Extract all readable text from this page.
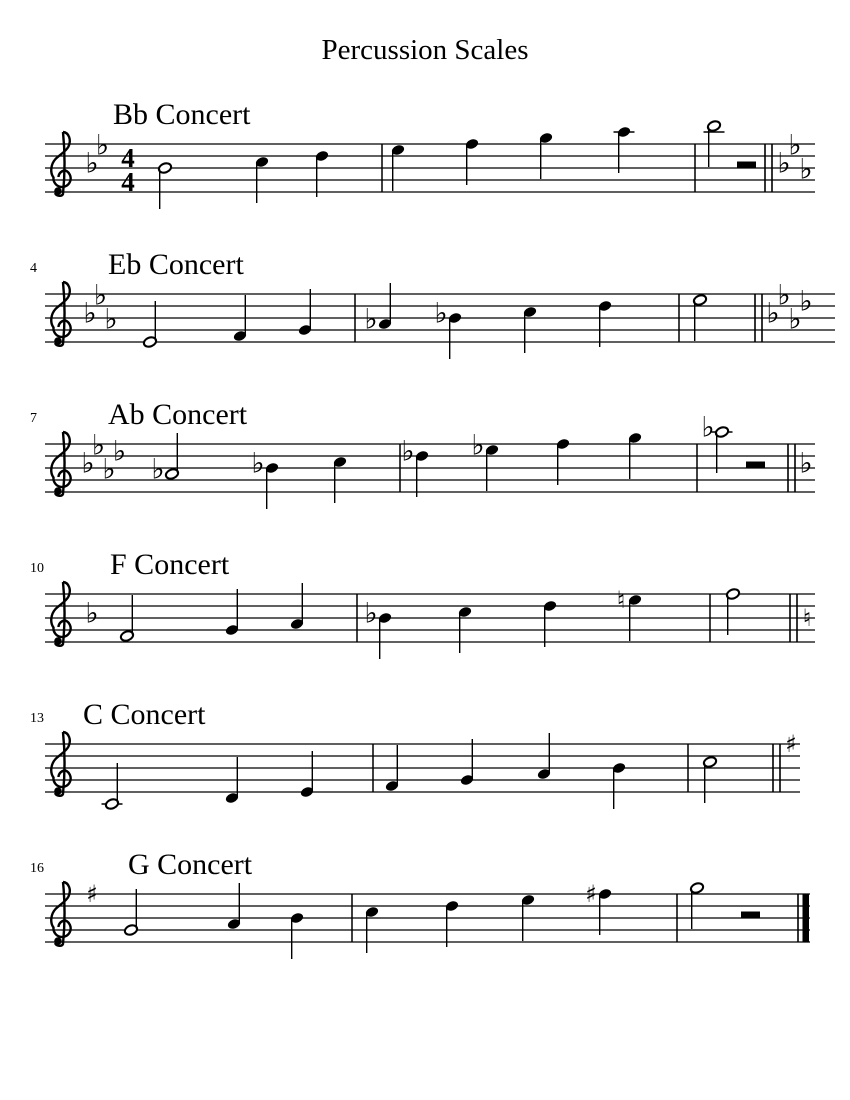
Percussion Scales
♭
♭ 4
4
♭
♭
♭
Bb Concert
♭
♭
♭	♭ ♭	♭
♭
♭
♭
4 Eb Concert
♭
♭
♭
♭
♭	♭	♭ ♭
♭
♭
7 Ab Concert
♭	♭	♮
♮
10 F Concert
♯
13 C Concert
♯	♯
16	G Concert
